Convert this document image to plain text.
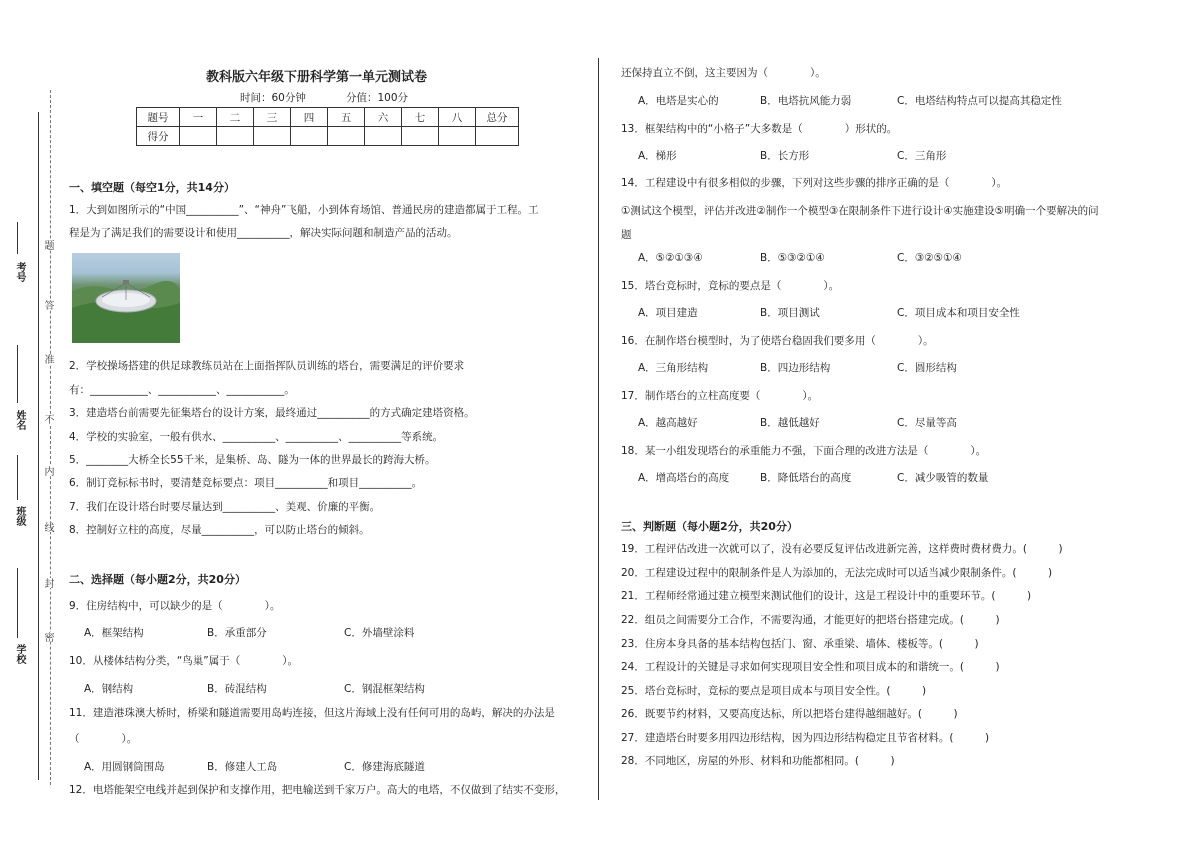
考号
姓名
班级
学校
题
答
准
不
内
线
封
密
教科版六年级下册科学第一单元测试卷
时间：60分钟	分值：100分
题号	一	二	三	四	五	六	七	八	总分
得分									
一、填空题（每空1分，共14分）
1．大到如图所示的“中国__________”、“神舟”飞船，小到体育场馆、普通民房的建造都属于工程。工
程是为了满足我们的需要设计和使用__________，解决实际问题和制造产品的活动。
2．学校操场搭建的供足球教练员站在上面指挥队员训练的塔台，需要满足的评价要求
有：___________、___________、___________。
3．建造塔台前需要先征集塔台的设计方案，最终通过__________的方式确定建塔资格。
4．学校的实验室，一般有供水、__________、__________、__________等系统。
5．________大桥全长55千米，是集桥、岛、隧为一体的世界最长的跨海大桥。
6．制订竞标标书时，要清楚竞标要点：项目__________和项目__________。
7．我们在设计塔台时要尽量达到__________、美观、价廉的平衡。
8．控制好立柱的高度，尽量__________，可以防止塔台的倾斜。
二、选择题（每小题2分，共20分）
9．住房结构中，可以缺少的是（　　　　）。
A．框架结构	B．承重部分	C．外墙壁涂料
10．从楼体结构分类，“鸟巢”属于（　　　　）。
A．钢结构	B．砖混结构	C．钢混框架结构
11．建造港珠澳大桥时，桥梁和隧道需要用岛屿连接，但这片海域上没有任何可用的岛屿，解决的办法是
（　　　　）。
A．用圆钢筒围岛	B．修建人工岛	C．修建海底隧道
12．电塔能架空电线并起到保护和支撑作用，把电输送到千家万户。高大的电塔，不仅做到了结实不变形，
还保持直立不倒，这主要因为（　　　　）。
A．电塔是实心的	B．电塔抗风能力弱	C．电塔结构特点可以提高其稳定性
13．框架结构中的“小格子”大多数是（　　　　）形状的。
A．梯形	B．长方形	C．三角形
14．工程建设中有很多相似的步骤，下列对这些步骤的排序正确的是（　　　　）。
①测试这个模型，评估并改进②制作一个模型③在限制条件下进行设计④实施建设⑤明确一个要解决的问
题
A．⑤②①③④	B．⑤③②①④	C．③②⑤①④
15．塔台竞标时，竞标的要点是（　　　　）。
A．项目建造	B．项目测试	C．项目成本和项目安全性
16．在制作塔台模型时，为了使塔台稳固我们要多用（　　　　）。
A．三角形结构	B．四边形结构	C．圆形结构
17．制作塔台的立柱高度要（　　　　）。
A．越高越好	B．越低越好	C．尽量等高
18．某一小组发现塔台的承重能力不强，下面合理的改进方法是（　　　　）。
A．增高塔台的高度	B．降低塔台的高度	C．减少吸管的数量
三、判断题（每小题2分，共20分）
19．工程评估改进一次就可以了，没有必要反复评估改进新完善，这样费时费材费力。(　　　)
20．工程建设过程中的限制条件是人为添加的，无法完成时可以适当减少限制条件。(　　　)
21．工程师经常通过建立模型来测试他们的设计，这是工程设计中的重要环节。(　　　)
22．组员之间需要分工合作，不需要沟通，才能更好的把塔台搭建完成。(　　　)
23．住房本身具备的基本结构包括门、窗、承重梁、墙体、楼板等。(　　　)
24．工程设计的关键是寻求如何实现项目安全性和项目成本的和谐统一。(　　　)
25．塔台竞标时，竞标的要点是项目成本与项目安全性。(　　　)
26．既要节约材料，又要高度达标，所以把塔台建得越细越好。(　　　)
27．建造塔台时要多用四边形结构，因为四边形结构稳定且节省材料。(　　　)
28．不同地区，房屋的外形、材料和功能都相同。(　　　)
